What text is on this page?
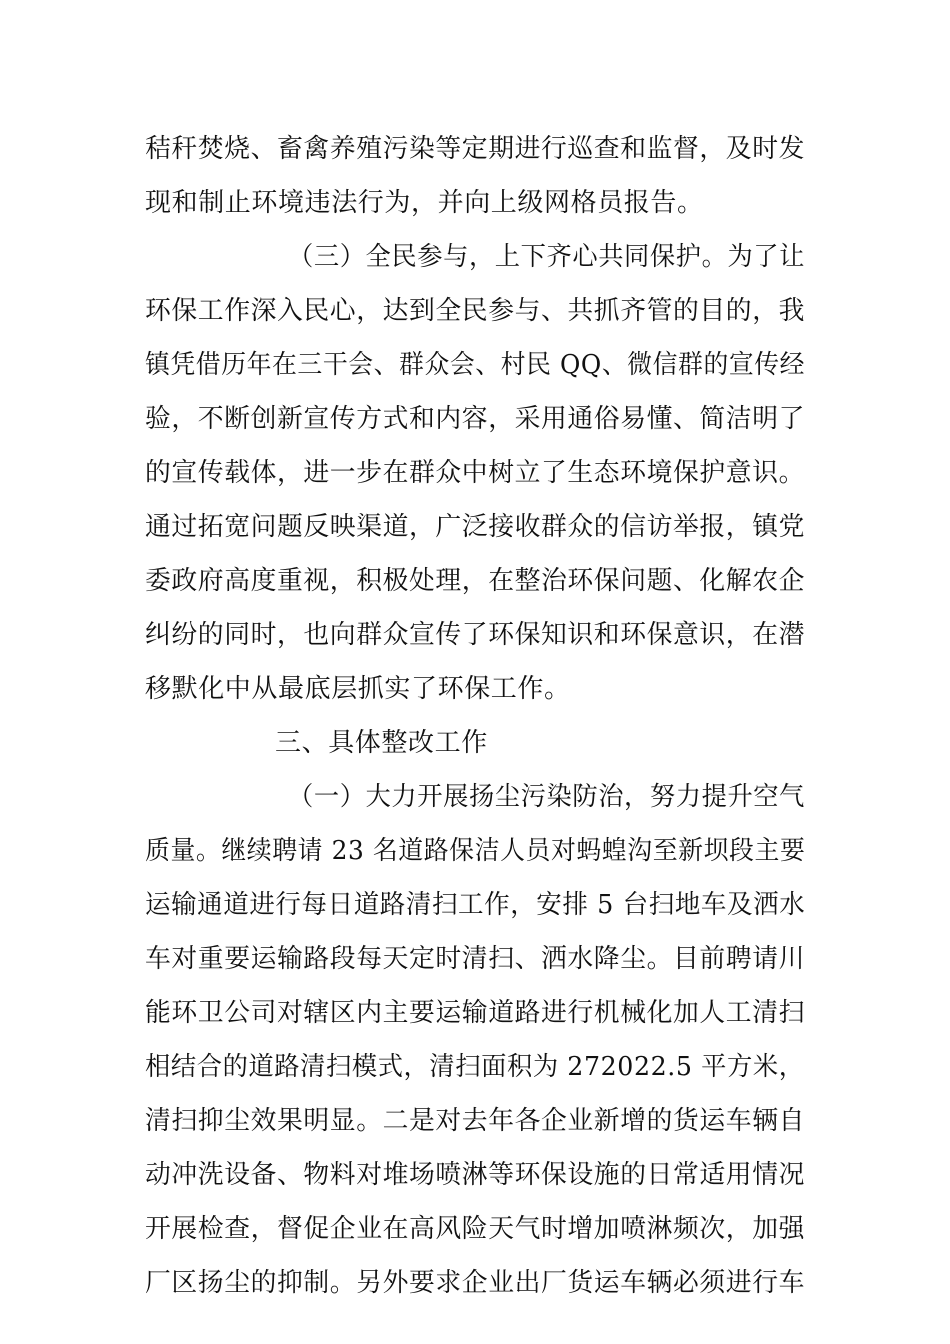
秸秆焚烧、畜禽养殖污染等定期进行巡查和监督，及时发
现和制止环境违法行为，并向上级网格员报告。
（三）全民参与，上下齐心共同保护。为了让
环保工作深入民心，达到全民参与、共抓齐管的目的，我
镇凭借历年在三干会、群众会、村民 QQ、微信群的宣传经
验，不断创新宣传方式和内容，采用通俗易懂、简洁明了
的宣传载体，进一步在群众中树立了生态环境保护意识。
通过拓宽问题反映渠道，广泛接收群众的信访举报，镇党
委政府高度重视，积极处理，在整治环保问题、化解农企
纠纷的同时，也向群众宣传了环保知识和环保意识，在潜
移默化中从最底层抓实了环保工作。
三、具体整改工作
（一）大力开展扬尘污染防治，努力提升空气
质量。继续聘请 23 名道路保洁人员对蚂蝗沟至新坝段主要
运输通道进行每日道路清扫工作，安排 5 台扫地车及洒水
车对重要运输路段每天定时清扫、洒水降尘。目前聘请川
能环卫公司对辖区内主要运输道路进行机械化加人工清扫
相结合的道路清扫模式，清扫面积为 272022.5 平方米，
清扫抑尘效果明显。二是对去年各企业新增的货运车辆自
动冲洗设备、物料对堆场喷淋等环保设施的日常适用情况
开展检查，督促企业在高风险天气时增加喷淋频次，加强
厂区扬尘的抑制。另外要求企业出厂货运车辆必须进行车
